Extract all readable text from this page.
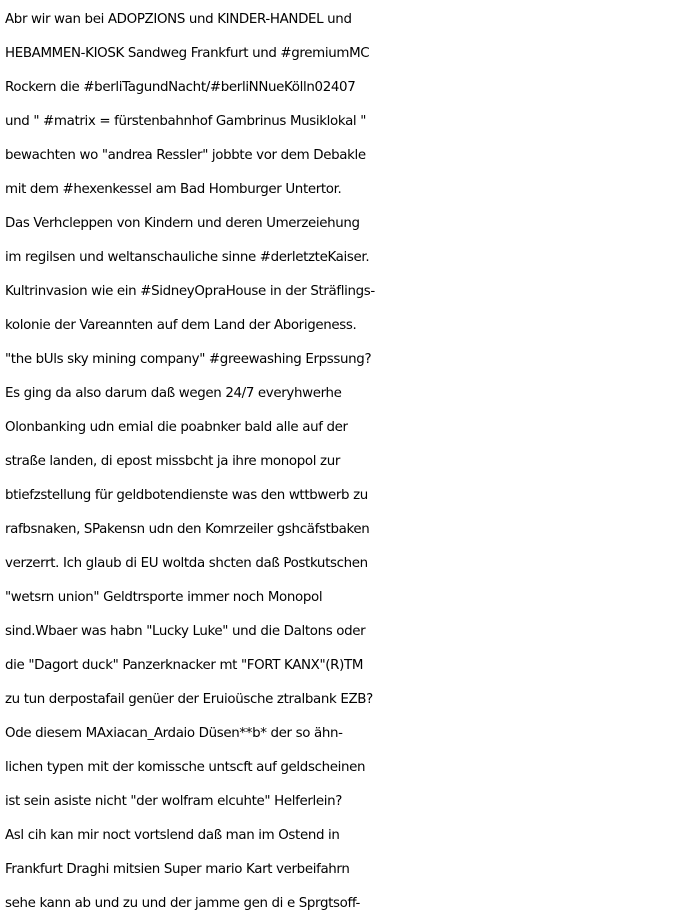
Abr wir wan bei ADOPZIONS und KINDER-HANDEL und
HEBAMMEN-KIOSK Sandweg Frankfurt und #gremiumMC
Rockern die #berliTagundNacht/#berliNNueKölln02407
und " #matrix = fürstenbahnhof Gambrinus Musiklokal "
bewachten wo "andrea Ressler" jobbte vor dem Debakle
mit dem #hexenkessel am Bad Homburger Untertor.
Das Verhcleppen von Kindern und deren Umerzeiehung
im regilsen und weltanschauliche sinne #derletzteKaiser.
Kultrinvasion wie ein #SidneyOpraHouse in der Sträflings-
kolonie der Vareannten auf dem Land der Aborigeness.
"the bUls sky mining company" #greewashing Erpssung?
Es ging da also darum daß wegen 24/7 everyhwerhe
Olonbanking udn emial die poabnker bald alle auf der
straße landen, di epost missbcht ja ihre monopol zur
btiefzstellung für geldbotendienste was den wttbwerb zu
rafbsnaken, SPakensn udn den Komrzeiler gshcäfstbaken
verzerrt. Ich glaub di EU woltda shcten daß Postkutschen
"wetsrn union" Geldtrsporte immer noch Monopol
sind.Wbaer was habn "Lucky Luke" und die Daltons oder
die "Dagort duck" Panzerknacker mt "FORT KANX"(R)TM
zu tun derpostafail genüer der Eruioüsche ztralbank EZB?
Ode diesem MAxiacan_Ardaio Düsen**b* der so ähn-
lichen typen mit der komissche untscft auf geldscheinen
ist sein asiste nicht "der wolfram elcuhte" Helferlein?
Asl cih kan mir noct vortslend daß man im Ostend in
Frankfurt Draghi mitsien Super mario Kart verbeifahrn
sehe kann ab und zu und der jamme gen di e Sprgtsoff-
